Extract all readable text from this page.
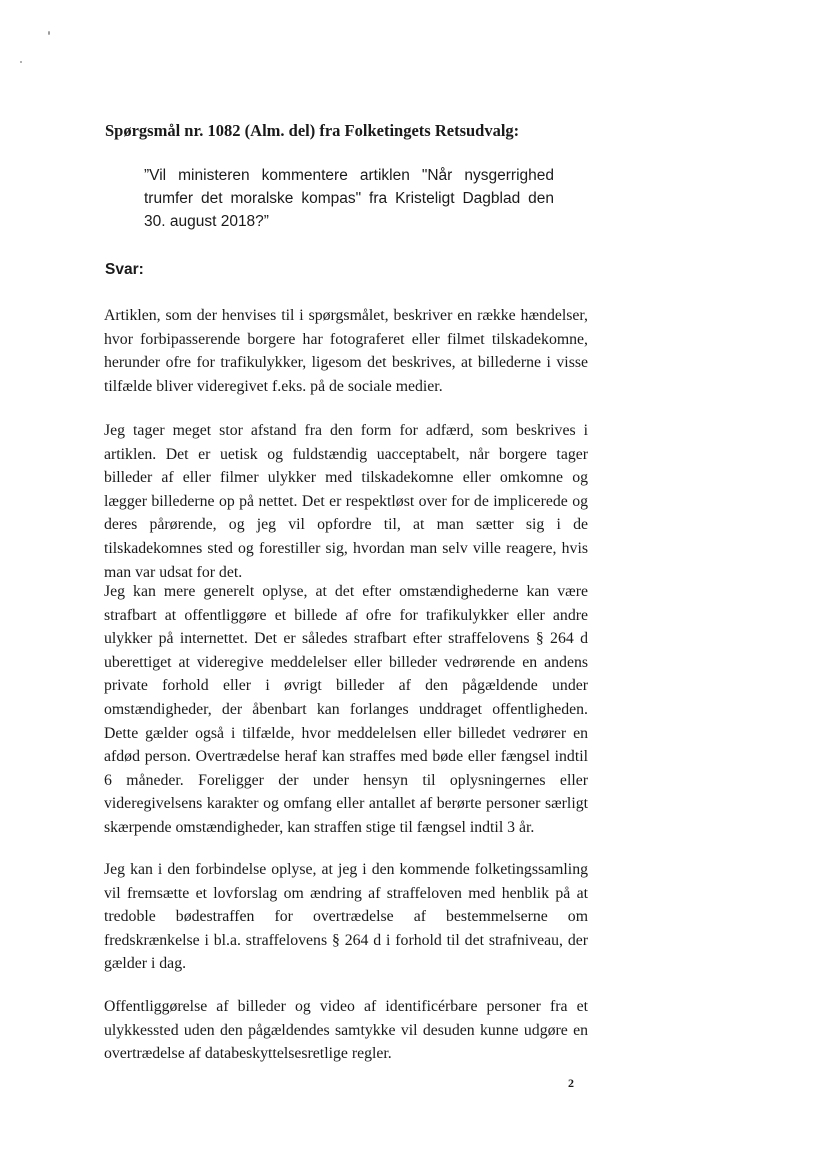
Spørgsmål nr. 1082 (Alm. del) fra Folketingets Retsudvalg:
”Vil ministeren kommentere artiklen "Når nysgerrighed trumfer det moralske kompas" fra Kristeligt Dagblad den 30. august 2018?”
Svar:
Artiklen, som der henvises til i spørgsmålet, beskriver en række hændelser, hvor forbipasserende borgere har fotograferet eller filmet tilskadekomne, herunder ofre for trafikulykker, ligesom det beskrives, at billederne i visse tilfælde bliver videregivet f.eks. på de sociale medier.
Jeg tager meget stor afstand fra den form for adfærd, som beskrives i artiklen. Det er uetisk og fuldstændig uacceptabelt, når borgere tager billeder af eller filmer ulykker med tilskadekomne eller omkomne og lægger billederne op på nettet. Det er respektløst over for de implicerede og deres pårørende, og jeg vil opfordre til, at man sætter sig i de tilskadekomnes sted og forestiller sig, hvordan man selv ville reagere, hvis man var udsat for det.
Jeg kan mere generelt oplyse, at det efter omstændighederne kan være strafbart at offentliggøre et billede af ofre for trafikulykker eller andre ulykker på internettet. Det er således strafbart efter straffelovens § 264 d uberettiget at videregive meddelelser eller billeder vedrørende en andens private forhold eller i øvrigt billeder af den pågældende under omstændigheder, der åbenbart kan forlanges unddraget offentligheden. Dette gælder også i tilfælde, hvor meddelelsen eller billedet vedrører en afdød person. Overtrædelse heraf kan straffes med bøde eller fængsel indtil 6 måneder. Foreligger der under hensyn til oplysningernes eller videregivelsens karakter og omfang eller antallet af berørte personer særligt skærpende omstændigheder, kan straffen stige til fængsel indtil 3 år.
Jeg kan i den forbindelse oplyse, at jeg i den kommende folketingssamling vil fremsætte et lovforslag om ændring af straffeloven med henblik på at tredoble bødestraffen for overtrædelse af bestemmelserne om fredskrænkelse i bl.a. straffelovens § 264 d i forhold til det strafniveau, der gælder i dag.
Offentliggørelse af billeder og video af identificérbare personer fra et ulykkessted uden den pågældendes samtykke vil desuden kunne udgøre en overtrædelse af databeskyttelsesretlige regler.
2
